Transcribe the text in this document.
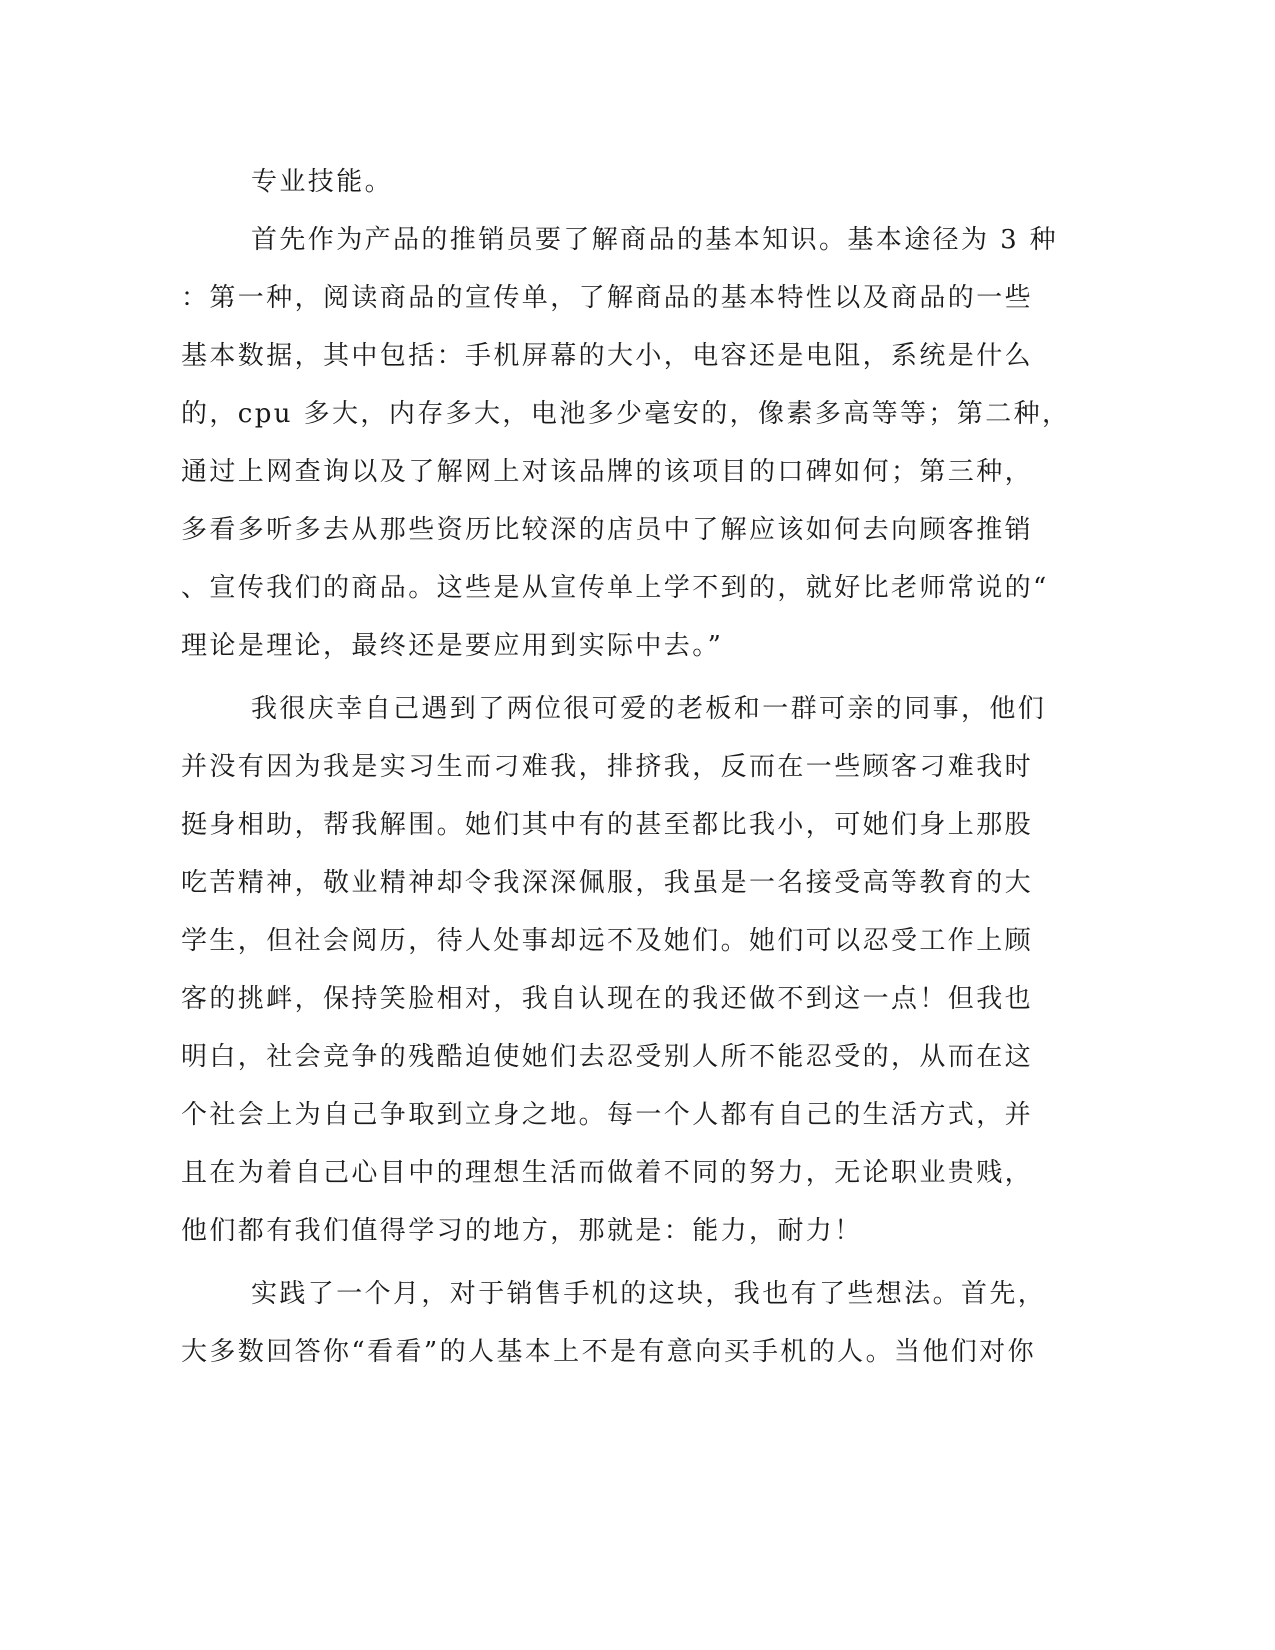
专业技能。
首先作为产品的推销员要了解商品的基本知识。基本途径为 3 种
：第一种，阅读商品的宣传单，了解商品的基本特性以及商品的一些
基本数据，其中包括：手机屏幕的大小，电容还是电阻，系统是什么
的，cpu 多大，内存多大，电池多少毫安的，像素多高等等；第二种，
通过上网查询以及了解网上对该品牌的该项目的口碑如何；第三种，
多看多听多去从那些资历比较深的店员中了解应该如何去向顾客推销
、宣传我们的商品。这些是从宣传单上学不到的，就好比老师常说的“
理论是理论，最终还是要应用到实际中去。”
我很庆幸自己遇到了两位很可爱的老板和一群可亲的同事，他们
并没有因为我是实习生而刁难我，排挤我，反而在一些顾客刁难我时
挺身相助，帮我解围。她们其中有的甚至都比我小，可她们身上那股
吃苦精神，敬业精神却令我深深佩服，我虽是一名接受高等教育的大
学生，但社会阅历，待人处事却远不及她们。她们可以忍受工作上顾
客的挑衅，保持笑脸相对，我自认现在的我还做不到这一点！但我也
明白，社会竞争的残酷迫使她们去忍受别人所不能忍受的，从而在这
个社会上为自己争取到立身之地。每一个人都有自己的生活方式，并
且在为着自己心目中的理想生活而做着不同的努力，无论职业贵贱，
他们都有我们值得学习的地方，那就是：能力，耐力！
实践了一个月，对于销售手机的这块，我也有了些想法。首先，
大多数回答你“看看”的人基本上不是有意向买手机的人。当他们对你
